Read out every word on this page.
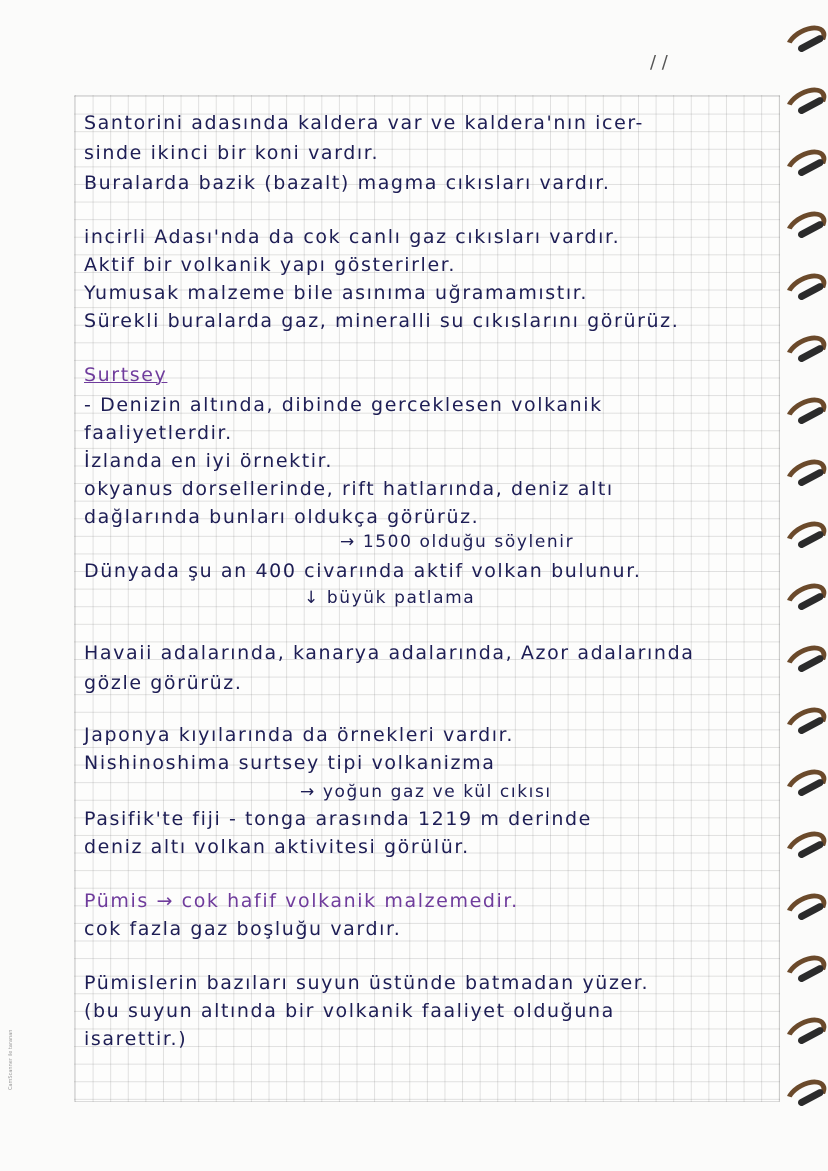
/ /

Santorini adasında kaldera var ve kaldera'nın icer-

sinde ikinci bir koni vardır.

Buralarda bazik (bazalt) magma cıkısları vardır.

incirli Adası'nda da cok canlı gaz cıkısları vardır.

Aktif bir volkanik yapı gösterirler.

Yumusak malzeme bile asınıma uğramamıstır.

Sürekli buralarda gaz, mineralli su cıkıslarını görürüz.

Surtsey

- Denizin altında, dibinde gerceklesen volkanik

faaliyetlerdir.

İzlanda en iyi örnektir.

okyanus dorsellerinde, rift hatlarında, deniz altı

dağlarında bunları oldukça görürüz.

→ 1500 olduğu söylenir

Dünyada şu an 400 civarında aktif volkan bulunur.

↓ büyük patlama

Havaii adalarında, kanarya adalarında, Azor adalarında

gözle görürüz.

Japonya kıyılarında da örnekleri vardır.

Nishinoshima surtsey tipi volkanizma

→ yoğun gaz ve kül cıkısı

Pasifik'te fiji - tonga arasında 1219 m derinde

deniz altı volkan aktivitesi görülür.

Pümis → cok hafif volkanik malzemedir.

cok fazla gaz boşluğu vardır.

Pümislerin bazıları suyun üstünde batmadan yüzer.

(bu suyun altında bir volkanik faaliyet olduğuna

isarettir.)

CamScanner ile taranan
